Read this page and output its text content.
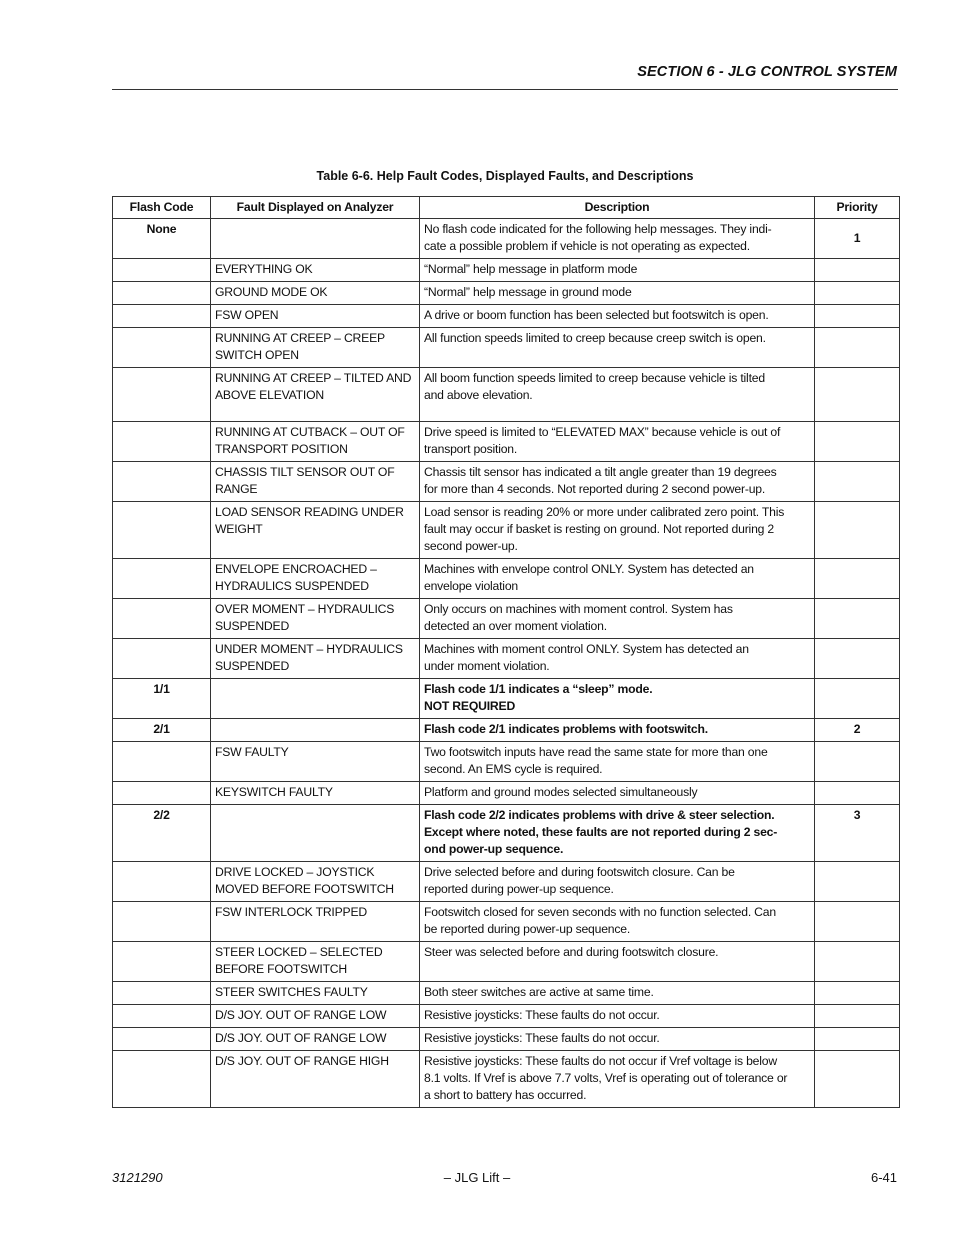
SECTION 6 - JLG CONTROL SYSTEM
Table 6-6. Help Fault Codes, Displayed Faults, and Descriptions
Flash Code	Fault Displayed on Analyzer	Description	Priority
None		No flash code indicated for the following help messages. They indi-
cate a possible problem if vehicle is not operating as expected.	1
	EVERYTHING OK	“Normal” help message in platform mode	

	GROUND MODE OK	“Normal” help message in ground mode	

	FSW OPEN	A drive or boom function has been selected but footswitch is open.	

	RUNNING AT CREEP – CREEP SWITCH OPEN	All function speeds limited to creep because creep switch is open.	

	RUNNING AT CREEP – TILTED AND ABOVE ELEVATION	All boom function speeds limited to creep because vehicle is tilted
and above elevation.	

	RUNNING AT CUTBACK – OUT OF TRANSPORT POSITION	Drive speed is limited to “ELEVATED MAX” because vehicle is out of
transport position.	

	CHASSIS TILT SENSOR OUT OF RANGE	Chassis tilt sensor has indicated a tilt angle greater than 19 degrees
for more than 4 seconds. Not reported during 2 second power-up.	

	LOAD SENSOR READING UNDER WEIGHT	Load sensor is reading 20% or more under calibrated zero point. This
fault may occur if basket is resting on ground. Not reported during 2
second power-up.	

	ENVELOPE ENCROACHED – HYDRAULICS SUSPENDED	Machines with envelope control ONLY. System has detected an
envelope violation	

	OVER MOMENT – HYDRAULICS SUSPENDED	Only occurs on machines with moment control. System has
detected an over moment violation.	

	UNDER MOMENT – HYDRAULICS SUSPENDED	Machines with moment control ONLY. System has detected an
under moment violation.	

1/1		Flash code 1/1 indicates a “sleep” mode.
NOT REQUIRED	

2/1		Flash code 2/1 indicates problems with footswitch.	2
	FSW FAULTY	Two footswitch inputs have read the same state for more than one
second. An EMS cycle is required.	

	KEYSWITCH FAULTY	Platform and ground modes selected simultaneously	

2/2		Flash code 2/2 indicates problems with drive & steer selection.
Except where noted, these faults are not reported during 2 sec-
ond power-up sequence.	3
	DRIVE LOCKED – JOYSTICK MOVED BEFORE FOOTSWITCH	Drive selected before and during footswitch closure. Can be
reported during power-up sequence.	

	FSW INTERLOCK TRIPPED	Footswitch closed for seven seconds with no function selected. Can
be reported during power-up sequence.	

	STEER LOCKED – SELECTED BEFORE FOOTSWITCH	Steer was selected before and during footswitch closure.	

	STEER SWITCHES FAULTY	Both steer switches are active at same time.	

	D/S JOY. OUT OF RANGE LOW	Resistive joysticks: These faults do not occur.	

	D/S JOY. OUT OF RANGE LOW	Resistive joysticks: These faults do not occur.	

	D/S JOY. OUT OF RANGE HIGH	Resistive joysticks: These faults do not occur if Vref voltage is below
8.1 volts. If Vref is above 7.7 volts, Vref is operating out of tolerance or
a short to battery has occurred.	

3121290	– JLG Lift –	6-41
